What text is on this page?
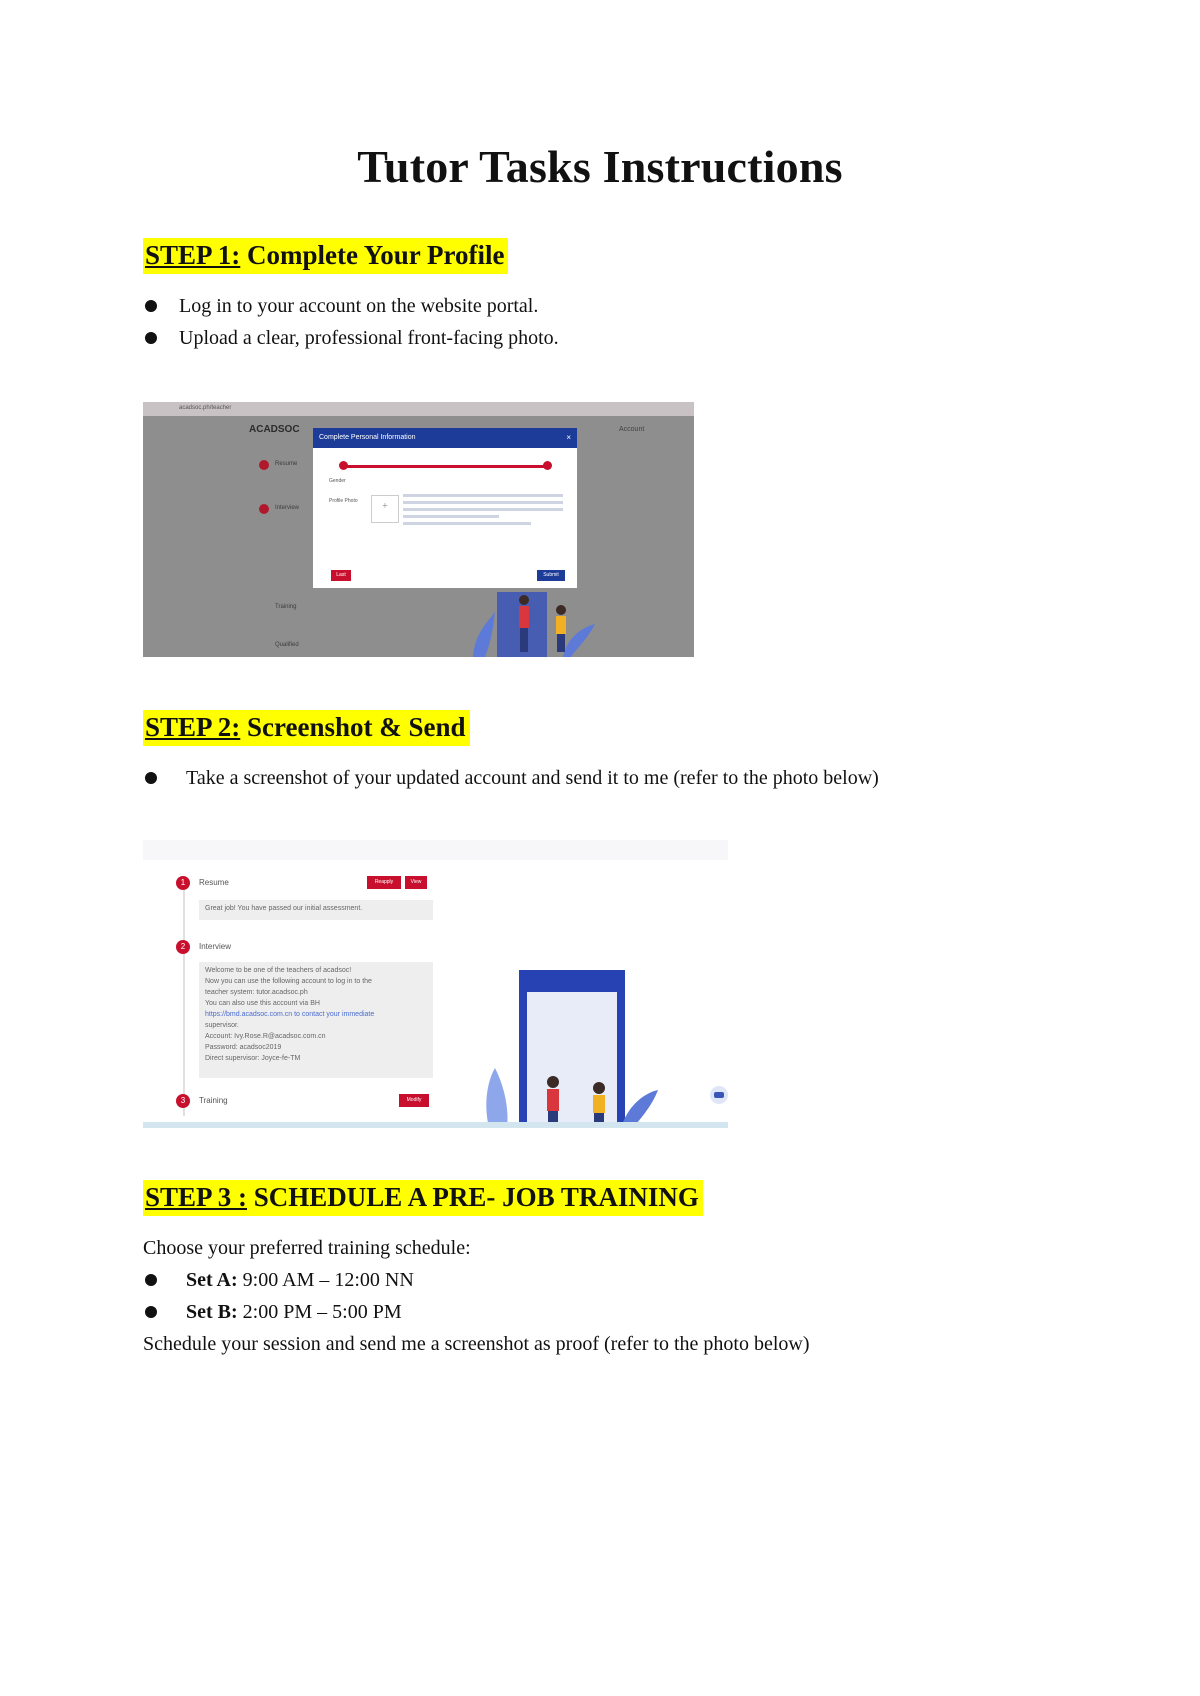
Tutor Tasks Instructions
STEP 1: Complete Your Profile
Log in to your account on the website portal.
Upload a clear, professional front-facing photo.
acadsoc.ph/teacher
ACADSOC	Account
Resume
Interview
Training
Qualified
Complete Personal Information	×
Gender
Profile Photo	+
Last	Submit
STEP 2: Screenshot & Send
Take a screenshot of your updated account and send it to me (refer to the photo below)
1	Resume	Reapply	View
Great job! You have passed our initial assessment.
2	Interview
Welcome to be one of the teachers of acadsoc!
Now you can use the following account to log in to the
teacher system: tutor.acadsoc.ph
You can also use this account via BH
https://bmd.acadsoc.com.cn to contact your immediate
supervisor.
Account: Ivy.Rose.R@acadsoc.com.cn
Password: acadsoc2019
Direct supervisor: Joyce-fe-TM
3	Training	Modify
STEP 3 : SCHEDULE A PRE- JOB TRAINING
Choose your preferred training schedule:
Set A: 9:00 AM – 12:00 NN
Set B: 2:00 PM – 5:00 PM
Schedule your session and send me a screenshot as proof (refer to the photo below)
